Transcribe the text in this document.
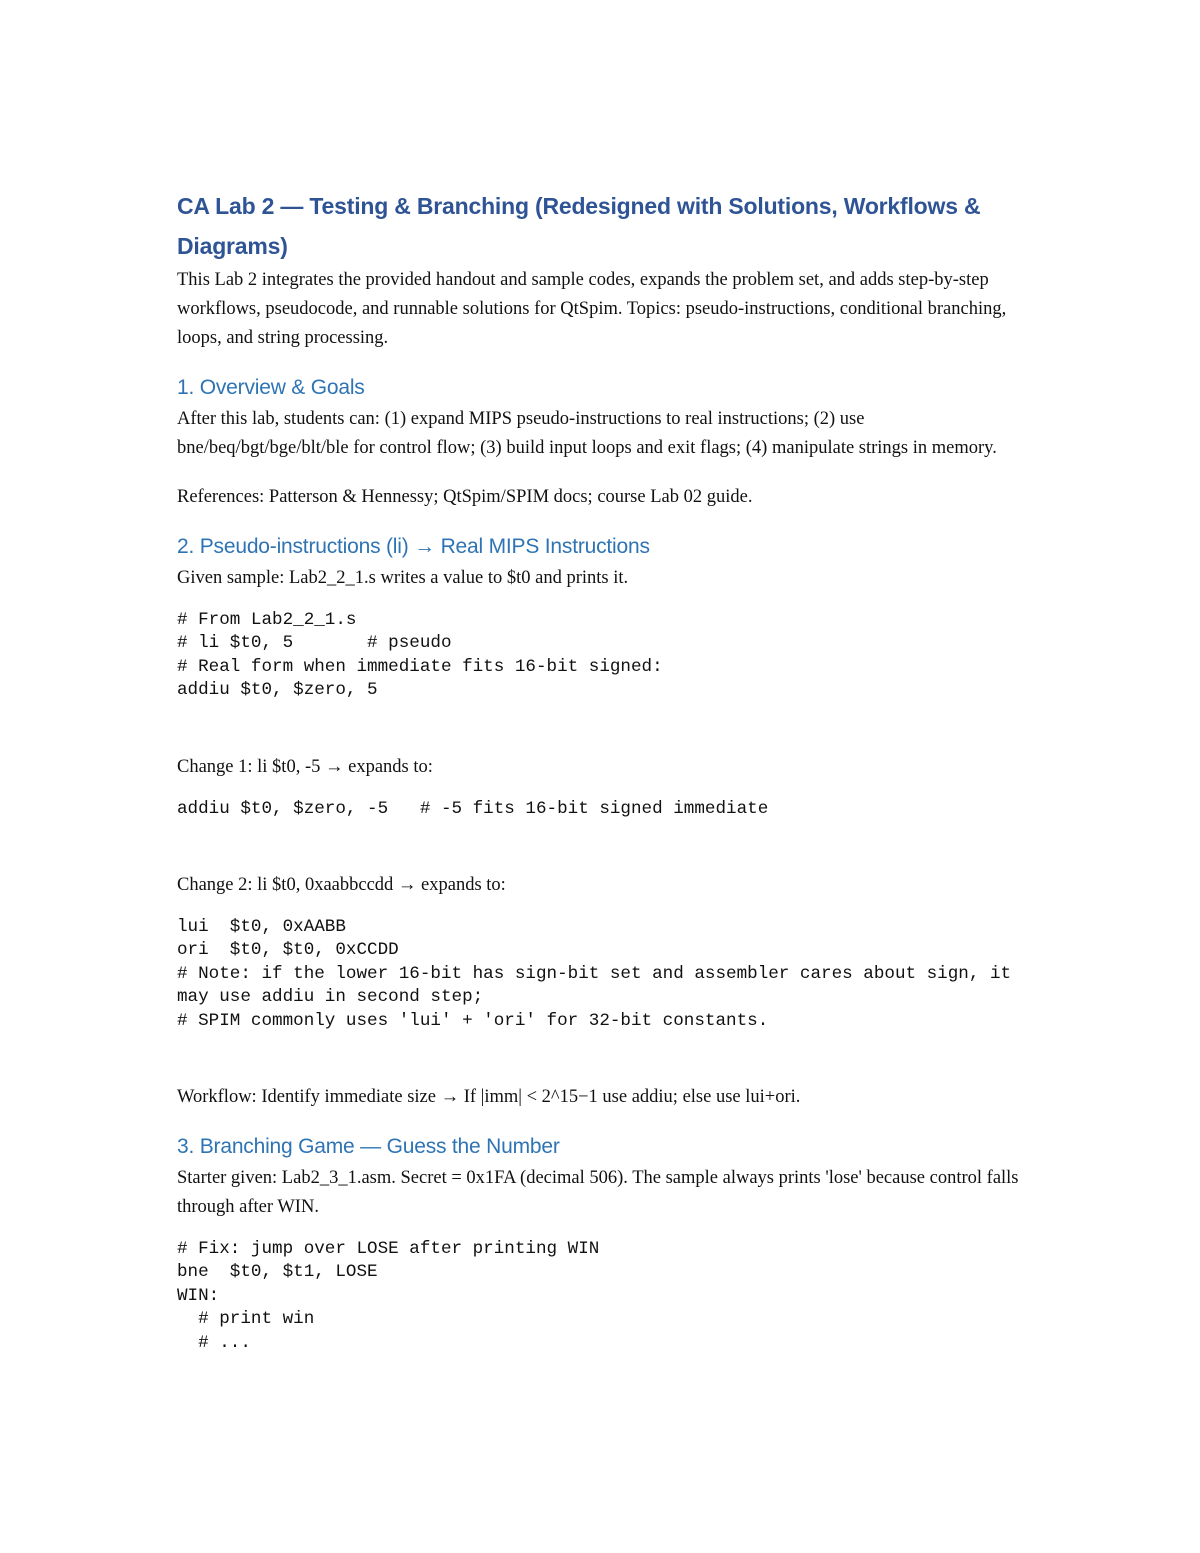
CA Lab 2 — Testing & Branching (Redesigned with Solutions, Workflows & Diagrams)

This Lab 2 integrates the provided handout and sample codes, expands the problem set, and adds step-by-step workflows, pseudocode, and runnable solutions for QtSpim. Topics: pseudo-instructions, conditional branching, loops, and string processing.

1. Overview & Goals

After this lab, students can: (1) expand MIPS pseudo-instructions to real instructions; (2) use bne/beq/bgt/bge/blt/ble for control flow; (3) build input loops and exit flags; (4) manipulate strings in memory.

References: Patterson & Hennessy; QtSpim/SPIM docs; course Lab 02 guide.

2. Pseudo-instructions (li) → Real MIPS Instructions

Given sample: Lab2_2_1.s writes a value to $t0 and prints it.

# From Lab2_2_1.s
# li $t0, 5       # pseudo
# Real form when immediate fits 16-bit signed:
addiu $t0, $zero, 5

Change 1: li $t0, -5 → expands to:

addiu $t0, $zero, -5   # -5 fits 16-bit signed immediate

Change 2: li $t0, 0xaabbccdd → expands to:

lui  $t0, 0xAABB
ori  $t0, $t0, 0xCCDD
# Note: if the lower 16-bit has sign-bit set and assembler cares about sign, it may use addiu in second step;
# SPIM commonly uses 'lui' + 'ori' for 32-bit constants.

Workflow: Identify immediate size → If |imm| < 2^15−1 use addiu; else use lui+ori.

3. Branching Game — Guess the Number

Starter given: Lab2_3_1.asm. Secret = 0x1FA (decimal 506). The sample always prints 'lose' because control falls through after WIN.

# Fix: jump over LOSE after printing WIN
bne  $t0, $t1, LOSE
WIN:
# print win
# ...
